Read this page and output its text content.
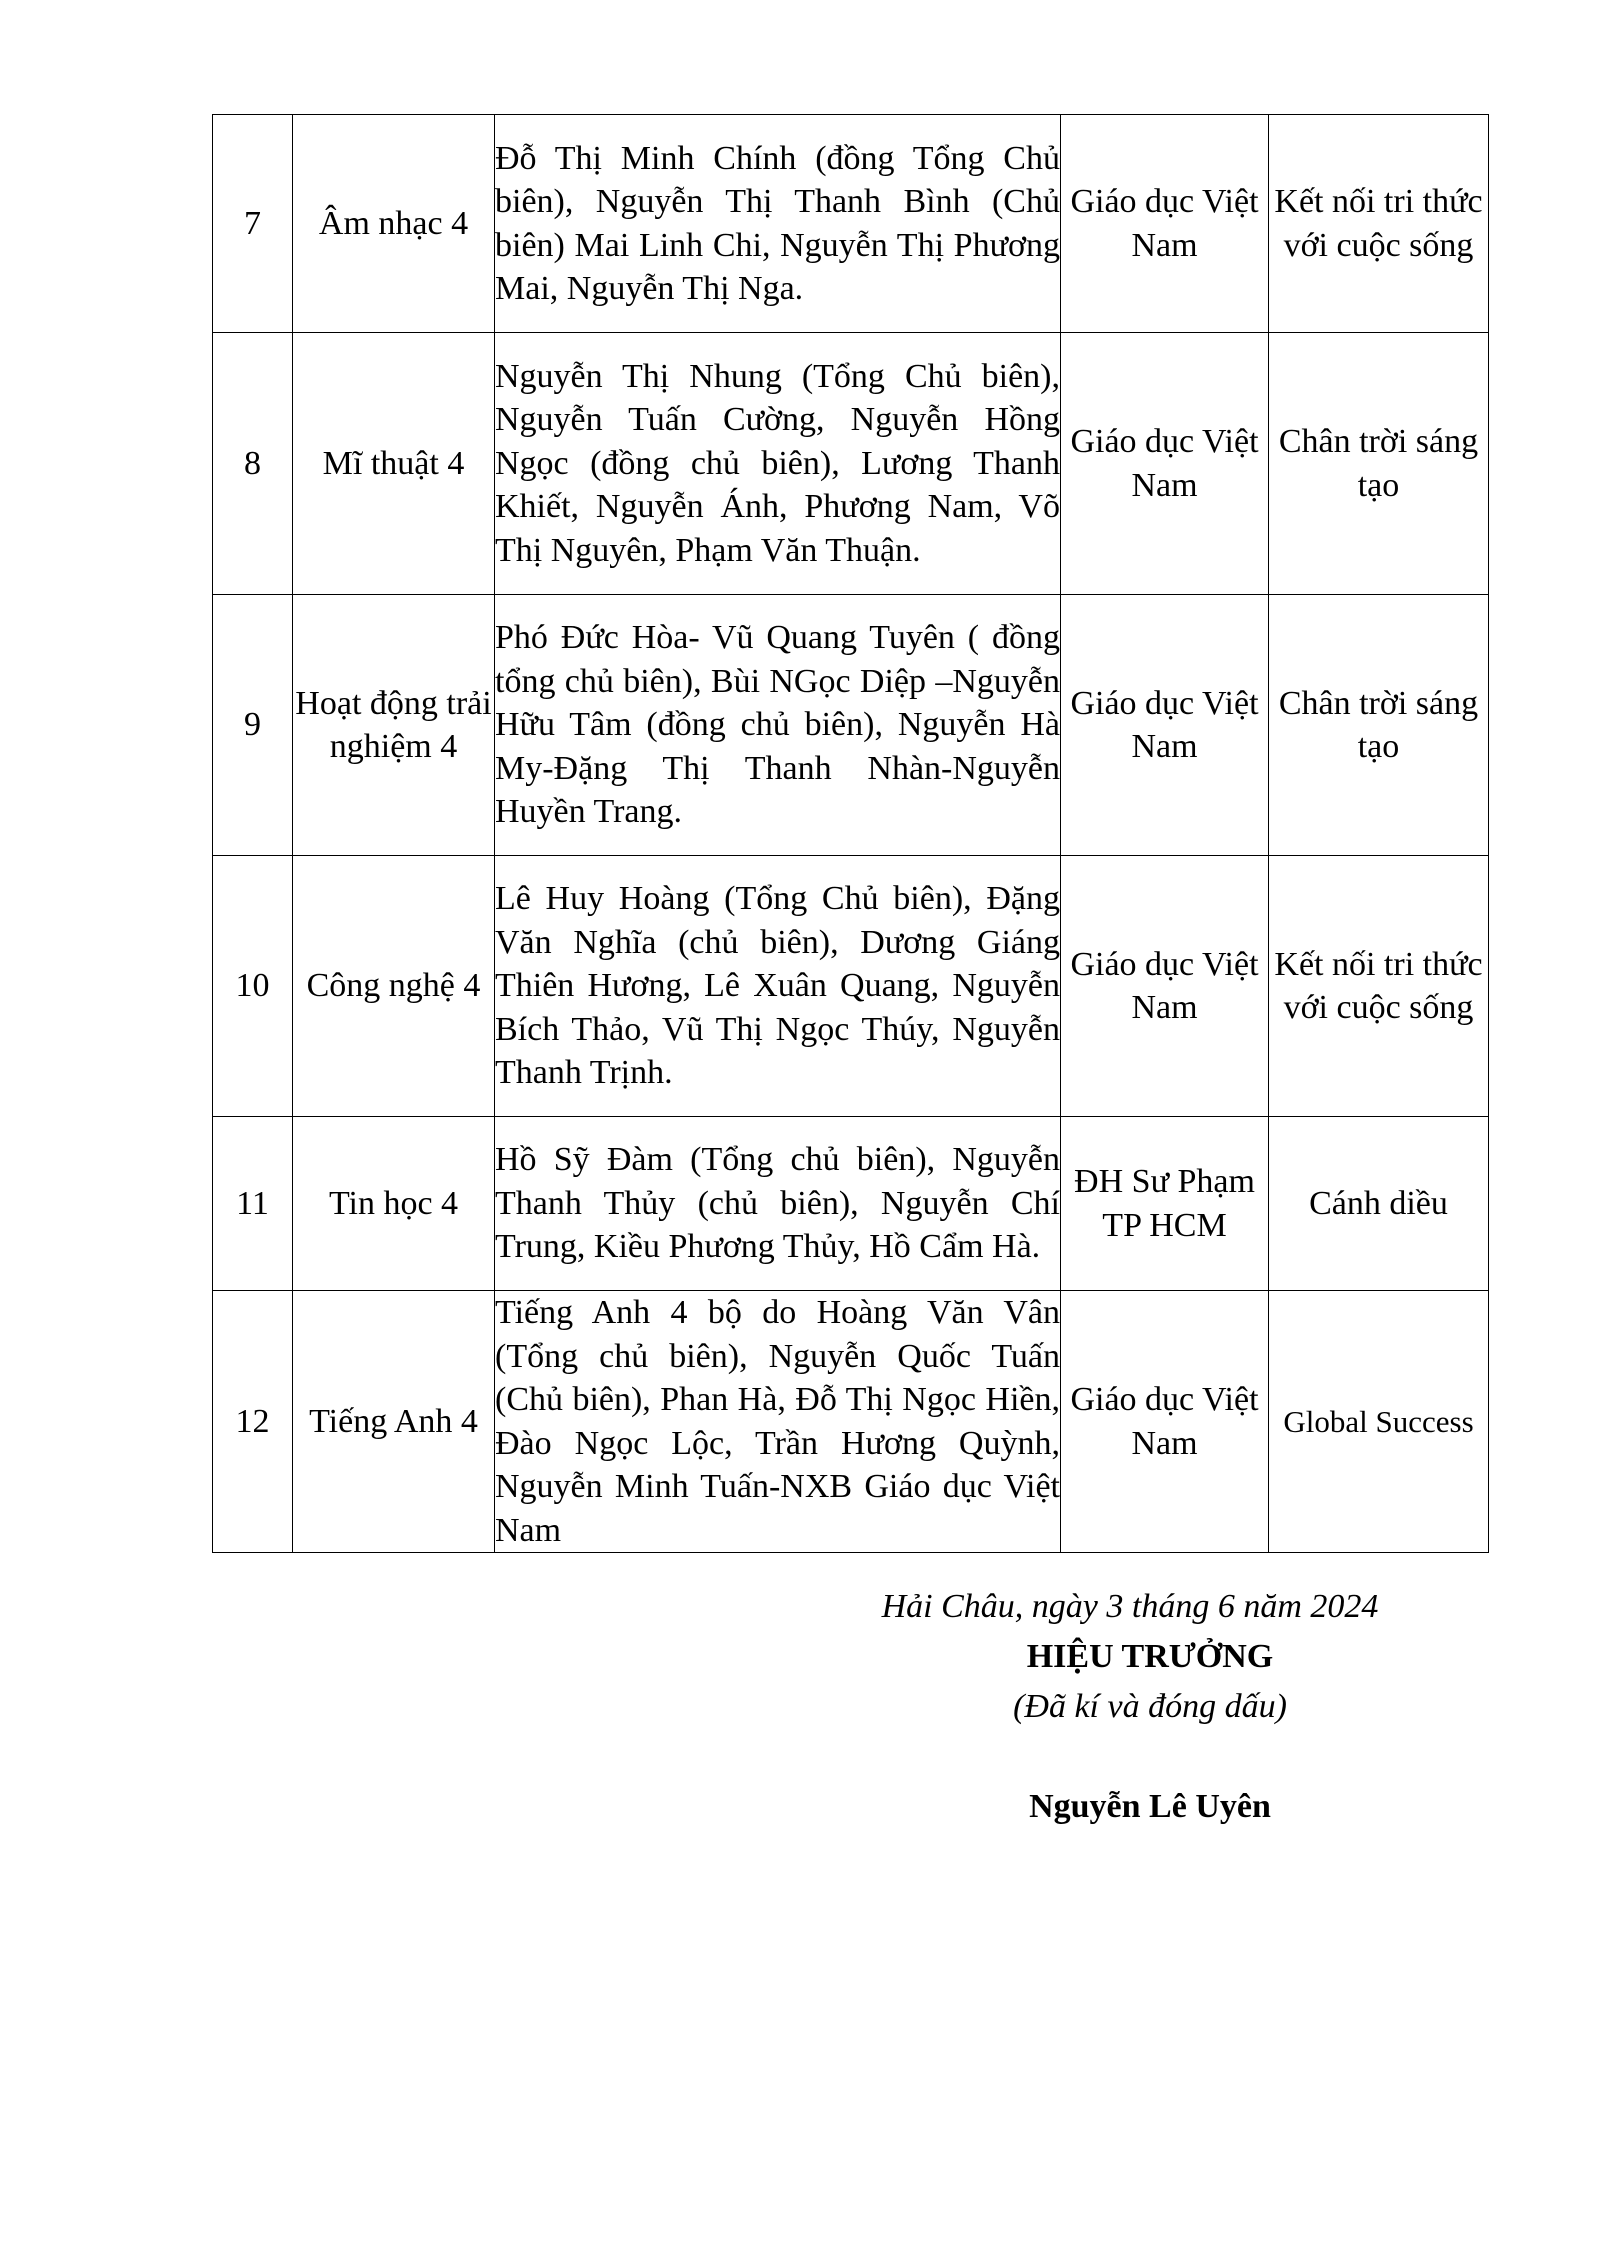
7	Âm nhạc 4	Đỗ Thị Minh Chính (đồng Tổng Chủ biên), Nguyễn Thị Thanh Bình (Chủ biên) Mai Linh Chi, Nguyễn Thị Phương Mai, Nguyễn Thị Nga.	Giáo dục Việt Nam	Kết nối tri thức với cuộc sống
8	Mĩ thuật 4	Nguyễn Thị Nhung (Tổng Chủ biên), Nguyễn Tuấn Cường, Nguyễn Hồng Ngọc (đồng chủ biên), Lương Thanh Khiết, Nguyễn Ánh, Phương Nam, Võ Thị Nguyên, Phạm Văn Thuận.	Giáo dục Việt Nam	Chân trời sáng tạo
9	Hoạt động trải nghiệm 4	Phó Đức Hòa- Vũ Quang Tuyên ( đồng tổng chủ biên), Bùi NGọc Diệp –Nguyễn Hữu Tâm (đồng chủ biên), Nguyễn Hà My-Đặng Thị Thanh Nhàn-Nguyễn Huyền Trang.	Giáo dục Việt Nam	Chân trời sáng tạo
10	Công nghệ 4	Lê Huy Hoàng (Tổng Chủ biên), Đặng Văn Nghĩa (chủ biên), Dương Giáng Thiên Hương, Lê Xuân Quang, Nguyễn Bích Thảo, Vũ Thị Ngọc Thúy, Nguyễn Thanh Trịnh.	Giáo dục Việt Nam	Kết nối tri thức với cuộc sống
11	Tin học 4	Hồ Sỹ Đàm (Tổng chủ biên), Nguyễn Thanh Thủy (chủ biên), Nguyễn Chí Trung, Kiều Phương Thủy, Hồ Cẩm Hà.	ĐH Sư Phạm TP HCM	Cánh diều
12	Tiếng Anh 4	Tiếng Anh 4 bộ do Hoàng Văn Vân (Tổng chủ biên), Nguyễn Quốc Tuấn (Chủ biên), Phan Hà, Đỗ Thị Ngọc Hiền, Đào Ngọc Lộc, Trần Hương Quỳnh, Nguyễn Minh Tuấn-NXB Giáo dục Việt Nam	Giáo dục Việt Nam	Global Success
Hải Châu, ngày 3 tháng 6 năm 2024
HIỆU TRƯỞNG
(Đã kí và đóng dấu)
Nguyễn Lê Uyên
